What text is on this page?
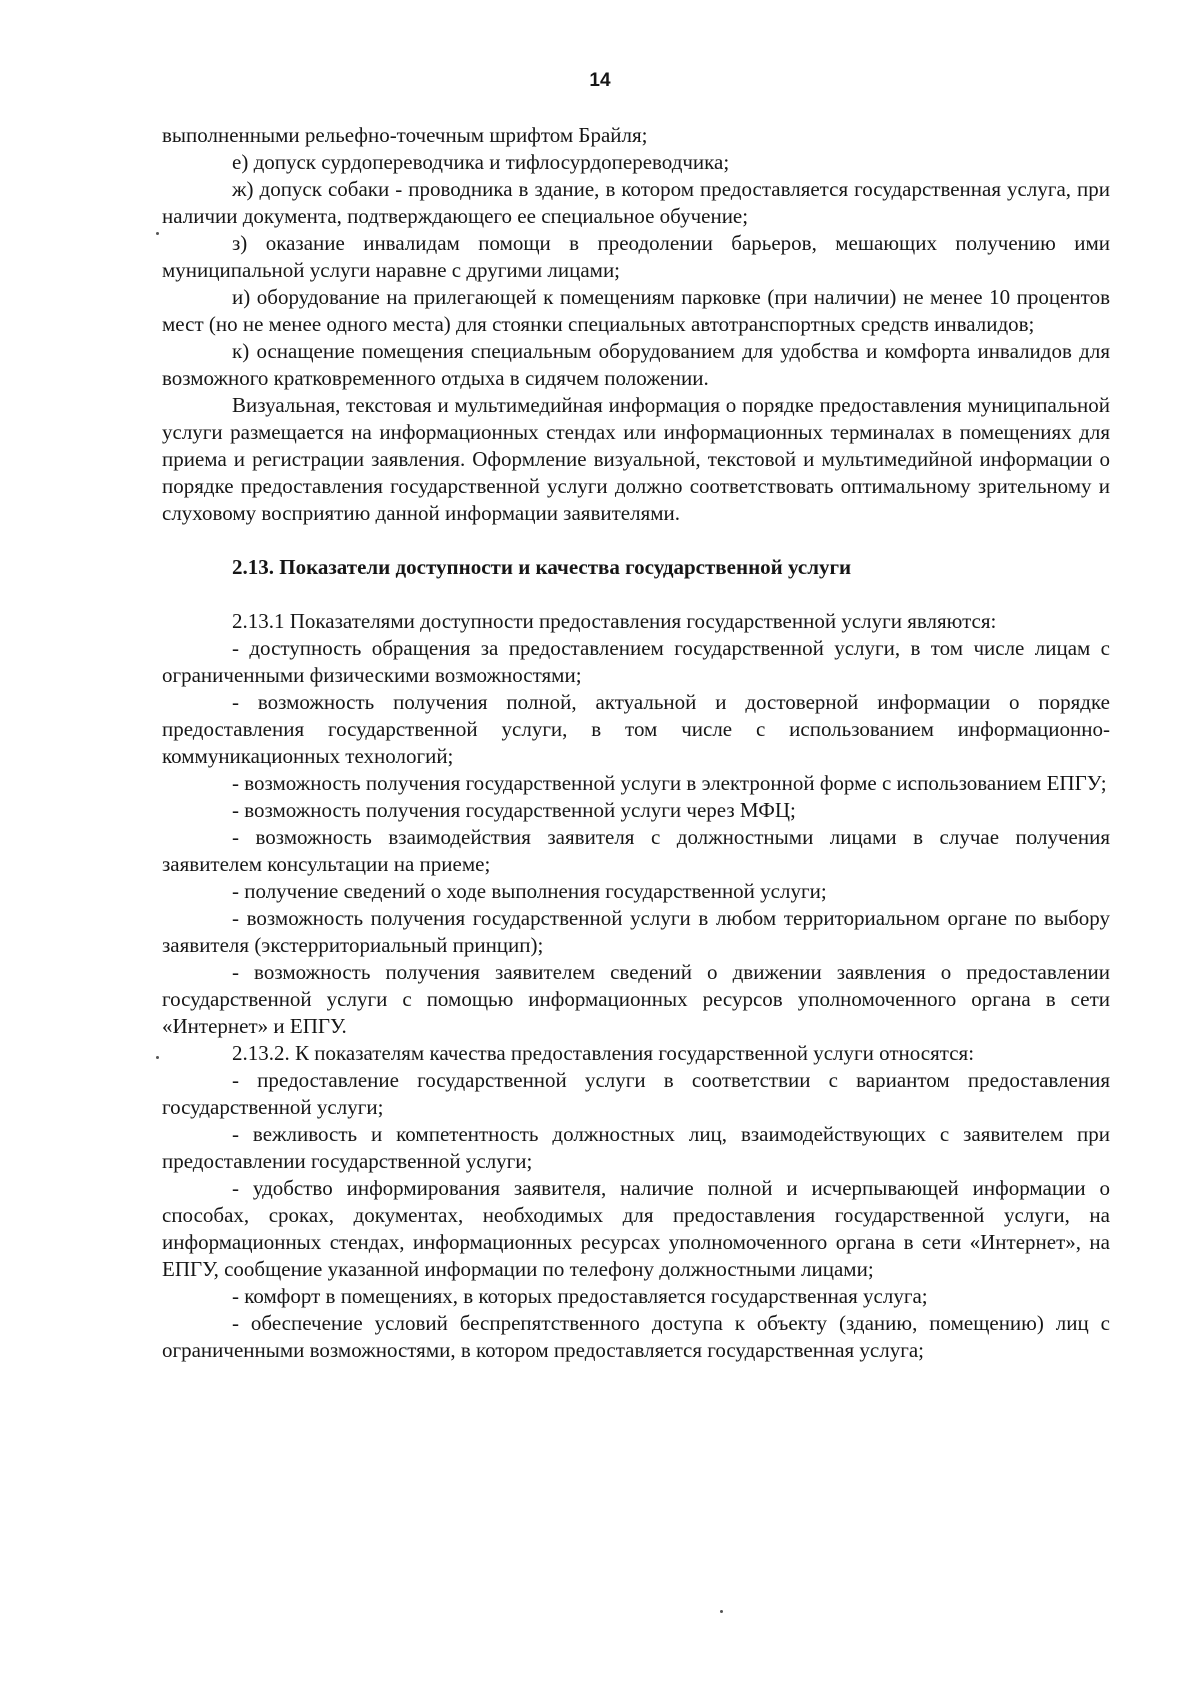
14

выполненными рельефно-точечным шрифтом Брайля;

е) допуск сурдопереводчика и тифлосурдопереводчика;

ж) допуск собаки - проводника в здание, в котором предоставляется государственная услуга, при наличии документа, подтверждающего ее специальное обучение;

з) оказание инвалидам помощи в преодолении барьеров, мешающих получению ими муниципальной услуги наравне с другими лицами;

и) оборудование на прилегающей к помещениям парковке (при наличии) не менее 10 процентов мест (но не менее одного места) для стоянки специальных автотранспортных средств инвалидов;

к) оснащение помещения специальным оборудованием для удобства и комфорта инвалидов для возможного кратковременного отдыха в сидячем положении.

Визуальная, текстовая и мультимедийная информация о порядке предоставления муниципальной услуги размещается на информационных стендах или информационных терминалах в помещениях для приема и регистрации заявления. Оформление визуальной, текстовой и мультимедийной информации о порядке предоставления государственной услуги должно соответствовать оптимальному зрительному и слуховому восприятию данной информации заявителями.

2.13. Показатели доступности и качества государственной услуги

2.13.1 Показателями доступности предоставления государственной услуги являются:

- доступность обращения за предоставлением государственной услуги, в том числе лицам с ограниченными физическими возможностями;

- возможность получения полной, актуальной и достоверной информации о порядке предоставления государственной услуги, в том числе с использованием информационно-коммуникационных технологий;

- возможность получения государственной услуги в электронной форме с использованием ЕПГУ;

- возможность получения государственной услуги через МФЦ;

- возможность взаимодействия заявителя с должностными лицами в случае получения заявителем консультации на приеме;

- получение сведений о ходе выполнения государственной услуги;

- возможность получения государственной услуги в любом территориальном органе по выбору заявителя (экстерриториальный принцип);

- возможность получения заявителем сведений о движении заявления о предоставлении государственной услуги с помощью информационных ресурсов уполномоченного органа в сети «Интернет» и ЕПГУ.

2.13.2. К показателям качества предоставления государственной услуги относятся:

- предоставление государственной услуги в соответствии с вариантом предоставления государственной услуги;

- вежливость и компетентность должностных лиц, взаимодействующих с заявителем при предоставлении государственной услуги;

- удобство информирования заявителя, наличие полной и исчерпывающей информации о способах, сроках, документах, необходимых для предоставления государственной услуги, на информационных стендах, информационных ресурсах уполномоченного органа в сети «Интернет», на ЕПГУ, сообщение указанной информации по телефону должностными лицами;

- комфорт в помещениях, в которых предоставляется государственная услуга;

- обеспечение условий беспрепятственного доступа к объекту (зданию, помещению) лиц с ограниченными возможностями, в котором предоставляется государственная услуга;
